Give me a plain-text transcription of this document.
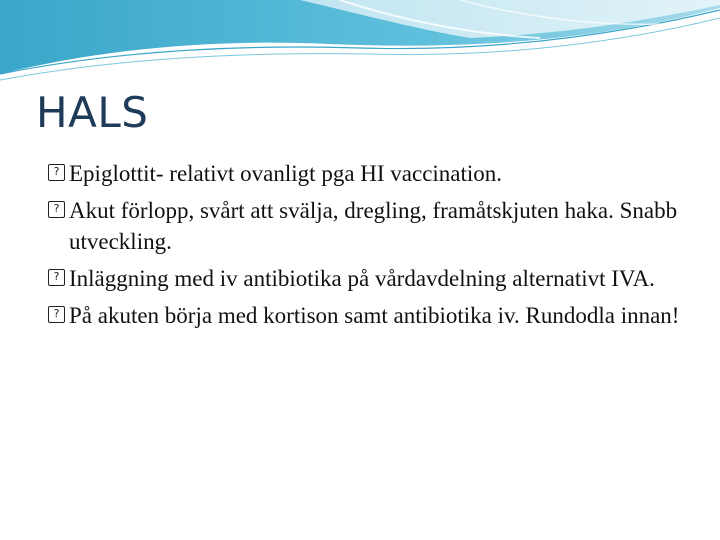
HALS
? Epiglottit- relativt ovanligt pga HI vaccination.
? Akut förlopp, svårt att svälja, dregling, framåtskjuten haka. Snabb utveckling.
? Inläggning med iv antibiotika på vårdavdelning alternativt IVA.
? På akuten börja med kortison samt antibiotika iv. Rundodla innan!
